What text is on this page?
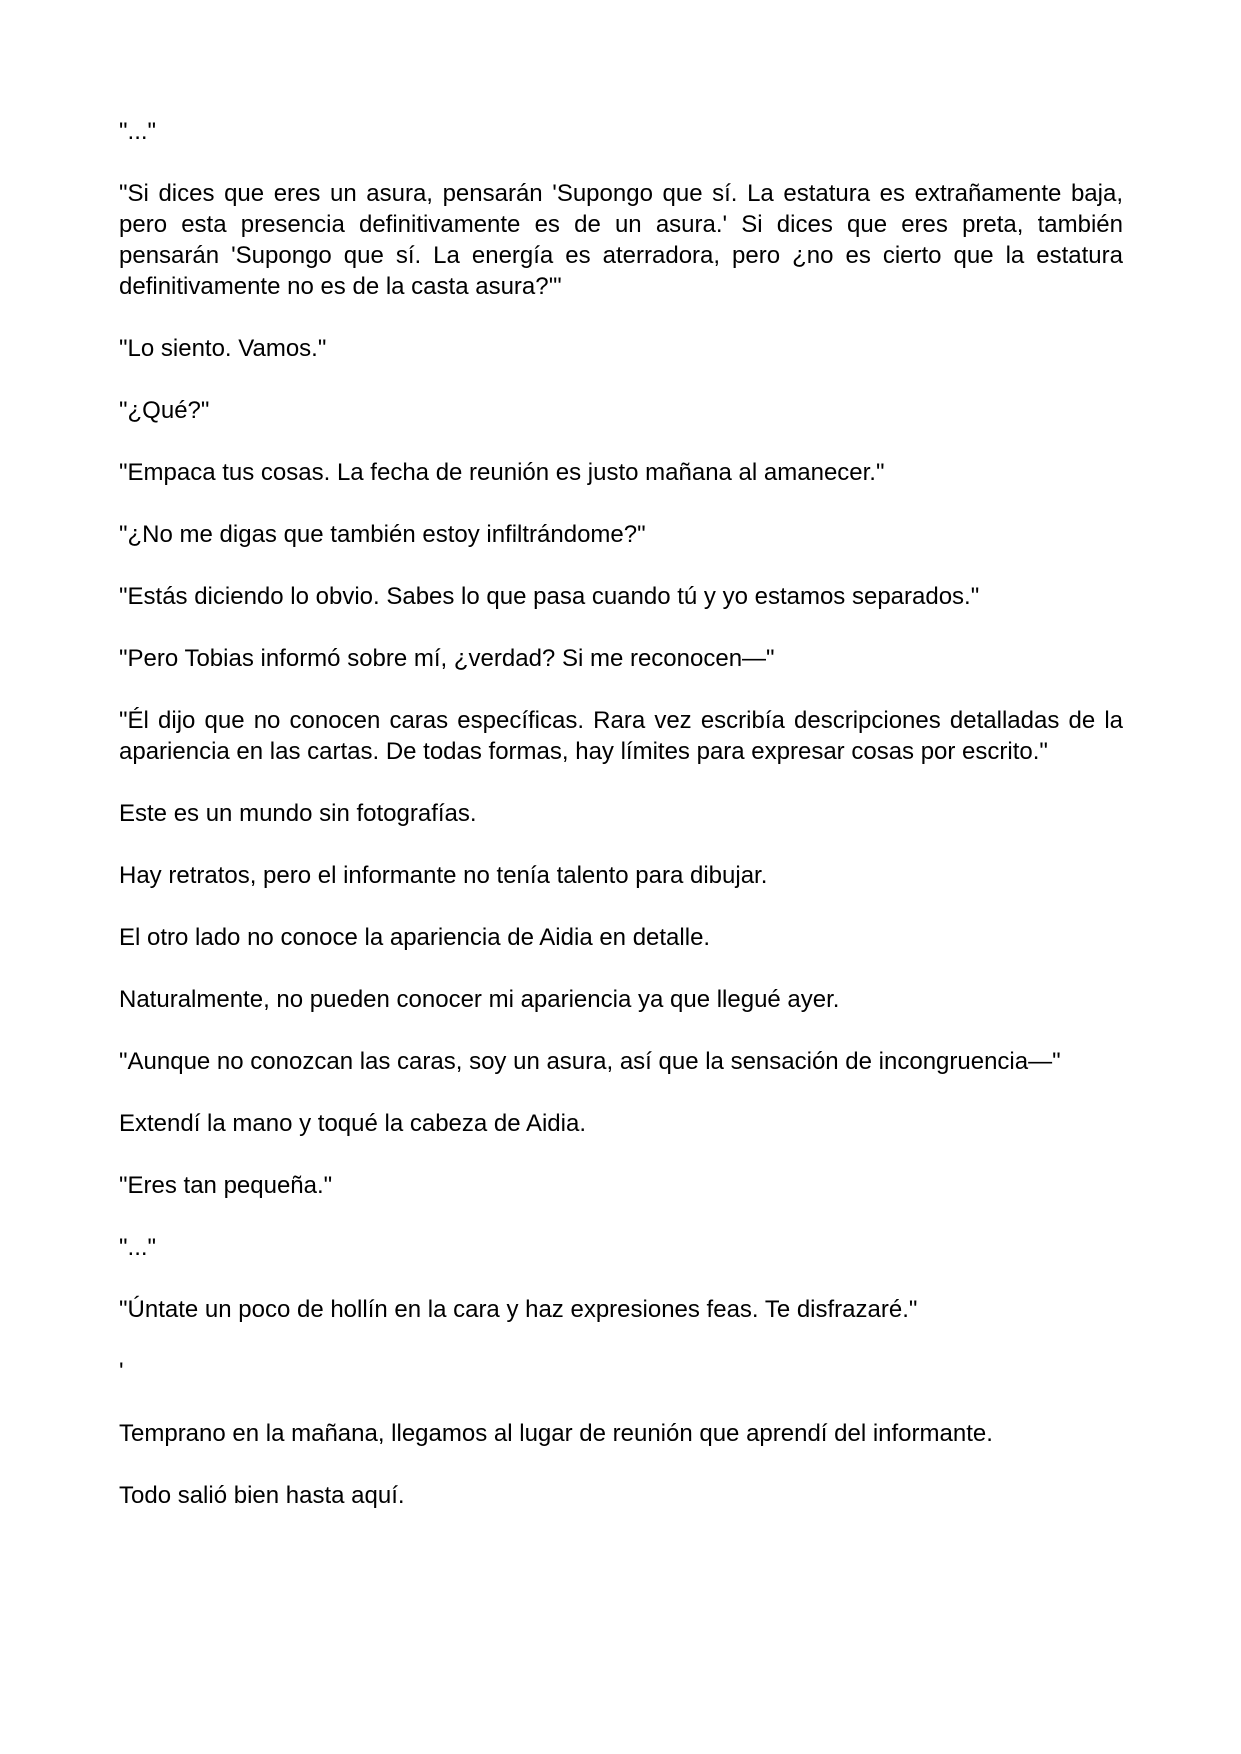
"..."

"Si dices que eres un asura, pensarán 'Supongo que sí. La estatura es extrañamente baja, pero esta presencia definitivamente es de un asura.' Si dices que eres preta, también pensarán 'Supongo que sí. La energía es aterradora, pero ¿no es cierto que la estatura definitivamente no es de la casta asura?'"

"Lo siento. Vamos."

"¿Qué?"

"Empaca tus cosas. La fecha de reunión es justo mañana al amanecer."

"¿No me digas que también estoy infiltrándome?"

"Estás diciendo lo obvio. Sabes lo que pasa cuando tú y yo estamos separados."

"Pero Tobias informó sobre mí, ¿verdad? Si me reconocen—"

"Él dijo que no conocen caras específicas. Rara vez escribía descripciones detalladas de la apariencia en las cartas. De todas formas, hay límites para expresar cosas por escrito."

Este es un mundo sin fotografías.

Hay retratos, pero el informante no tenía talento para dibujar.

El otro lado no conoce la apariencia de Aidia en detalle.

Naturalmente, no pueden conocer mi apariencia ya que llegué ayer.

"Aunque no conozcan las caras, soy un asura, así que la sensación de incongruencia—"

Extendí la mano y toqué la cabeza de Aidia.

"Eres tan pequeña."

"..."

"Úntate un poco de hollín en la cara y haz expresiones feas. Te disfrazaré."

'

Temprano en la mañana, llegamos al lugar de reunión que aprendí del informante.

Todo salió bien hasta aquí.
